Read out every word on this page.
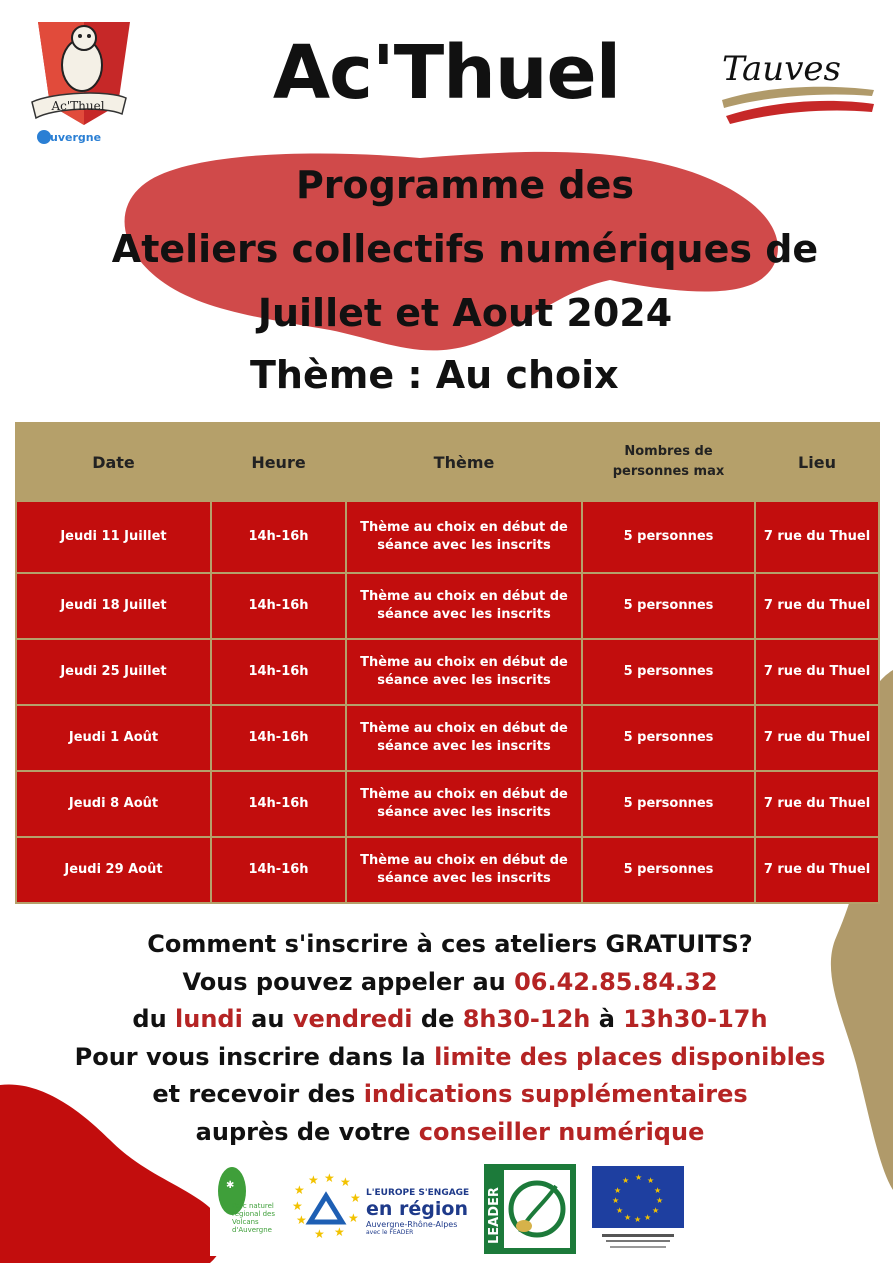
Ac'Thuel
uvergne
Ac'Thuel	Tauves
Programme des
Ateliers collectifs numériques de
Juillet et Aout 2024
Thème : Au choix
Date	Heure	Thème	Nombres de personnes max	Lieu
Jeudi 11 Juillet	14h-16h	Thème au choix en début de séance avec les inscrits	5 personnes	7 rue du Thuel
Jeudi 18 Juillet	14h-16h	Thème au choix en début de séance avec les inscrits	5 personnes	7 rue du Thuel
Jeudi 25 Juillet	14h-16h	Thème au choix en début de séance avec les inscrits	5 personnes	7 rue du Thuel
Jeudi 1 Août	14h-16h	Thème au choix en début de séance avec les inscrits	5 personnes	7 rue du Thuel
Jeudi 8 Août	14h-16h	Thème au choix en début de séance avec les inscrits	5 personnes	7 rue du Thuel
Jeudi 29 Août	14h-16h	Thème au choix en début de séance avec les inscrits	5 personnes	7 rue du Thuel
Comment s'inscrire à ces ateliers GRATUITS?
Vous pouvez appeler au 06.42.85.84.32
du lundi au vendredi de 8h30-12h à 13h30-17h
Pour vous inscrire dans la limite des places disponibles
et recevoir des indications supplémentaires
auprès de votre conseiller numérique
✱
Parc naturel régional des Volcans d'Auvergne
★
★ ★ ★
★
★
★
★
★
★
L'EUROPE S'ENGAGE
en région
Auvergne-Rhône-Alpes
avec le FEADER	LEADER
★ ★
★
★
★
★
★
★
★
★
★
★
